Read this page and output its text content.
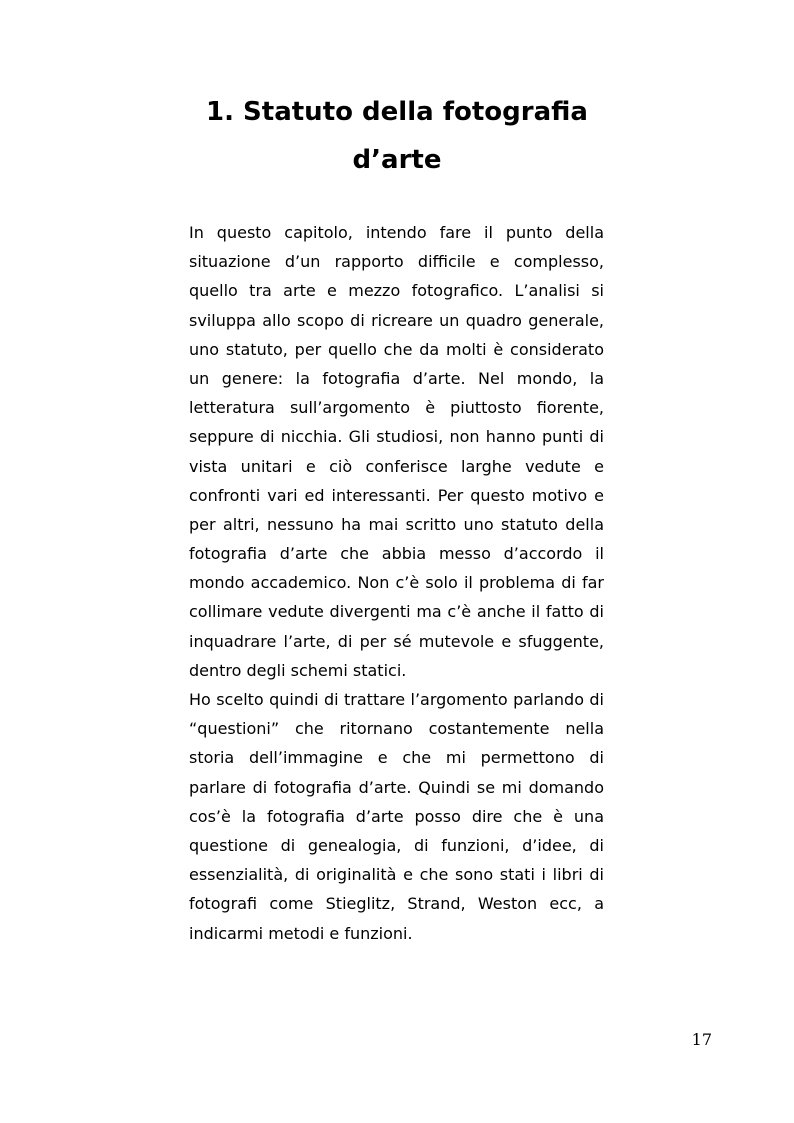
1. Statuto della fotografia
d’arte
In questo capitolo, intendo fare il punto della
situazione d’un rapporto difficile e complesso,
quello tra arte e mezzo fotografico. L’analisi si
sviluppa allo scopo di ricreare un quadro generale,
uno statuto, per quello che da molti è considerato
un genere: la fotografia d’arte. Nel mondo, la
letteratura sull’argomento è piuttosto fiorente,
seppure di nicchia. Gli studiosi, non hanno punti di
vista unitari e ciò conferisce larghe vedute e
confronti vari ed interessanti. Per questo motivo e
per altri, nessuno ha mai scritto uno statuto della
fotografia d’arte che abbia messo d’accordo il
mondo accademico. Non c’è solo il problema di far
collimare vedute divergenti ma c’è anche il fatto di
inquadrare l’arte, di per sé mutevole e sfuggente,
dentro degli schemi statici.
Ho scelto quindi di trattare l’argomento parlando di
“questioni” che ritornano costantemente nella
storia dell’immagine e che mi permettono di
parlare di fotografia d’arte. Quindi se mi domando
cos’è la fotografia d’arte posso dire che è una
questione di genealogia, di funzioni, d’idee, di
essenzialità, di originalità e che sono stati i libri di
fotografi come Stieglitz, Strand, Weston ecc, a
indicarmi metodi e funzioni.
17
